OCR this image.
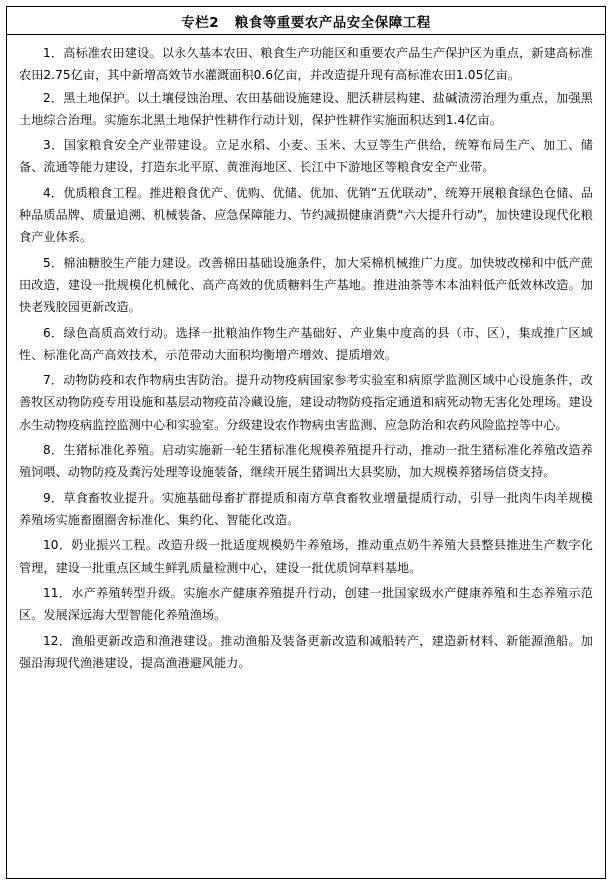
专栏2   粮食等重要农产品安全保障工程

1．高标准农田建设。以永久基本农田、粮食生产功能区和重要农产品生产保护区为重点，新建高标准农田2.75亿亩，其中新增高效节水灌溉面积0.6亿亩，并改造提升现有高标准农田1.05亿亩。

2．黑土地保护。以土壤侵蚀治理、农田基础设施建设、肥沃耕层构建、盐碱渍涝治理为重点，加强黑土地综合治理。实施东北黑土地保护性耕作行动计划，保护性耕作实施面积达到1.4亿亩。

3．国家粮食安全产业带建设。立足水稻、小麦、玉米、大豆等生产供给，统筹布局生产、加工、储备、流通等能力建设，打造东北平原、黄淮海地区、长江中下游地区等粮食安全产业带。

4．优质粮食工程。推进粮食优产、优购、优储、优加、优销“五优联动”，统筹开展粮食绿色仓储、品种品质品牌、质量追溯、机械装备、应急保障能力、节约减损健康消费“六大提升行动”，加快建设现代化粮食产业体系。

5．棉油糖胶生产能力建设。改善棉田基础设施条件，加大采棉机械推广力度。加快坡改梯和中低产蔗田改造，建设一批规模化机械化、高产高效的优质糖料生产基地。推进油茶等木本油料低产低效林改造。加快老残胶园更新改造。

6．绿色高质高效行动。选择一批粮油作物生产基础好、产业集中度高的县（市、区），集成推广区域性、标准化高产高效技术，示范带动大面积均衡增产增效、提质增效。

7．动物防疫和农作物病虫害防治。提升动物疫病国家参考实验室和病原学监测区域中心设施条件，改善牧区动物防疫专用设施和基层动物疫苗冷藏设施，建设动物防疫指定通道和病死动物无害化处理场。建设水生动物疫病监控监测中心和实验室。分级建设农作物病虫害监测、应急防治和农药风险监控等中心。

8．生猪标准化养殖。启动实施新一轮生猪标准化规模养殖提升行动，推动一批生猪标准化养殖改造养殖饲喂、动物防疫及粪污处理等设施装备，继续开展生猪调出大县奖励，加大规模养猪场信贷支持。

9．草食畜牧业提升。实施基础母畜扩群提质和南方草食畜牧业增量提质行动，引导一批肉牛肉羊规模养殖场实施畜圈圈舍标准化、集约化、智能化改造。

10．奶业振兴工程。改造升级一批适度规模奶牛养殖场，推动重点奶牛养殖大县整县推进生产数字化管理，建设一批重点区域生鲜乳质量检测中心，建设一批优质饲草料基地。

11．水产养殖转型升级。实施水产健康养殖提升行动，创建一批国家级水产健康养殖和生态养殖示范区。发展深远海大型智能化养殖渔场。

12．渔船更新改造和渔港建设。推动渔船及装备更新改造和减船转产，建造新材料、新能源渔船。加强沿海现代渔港建设，提高渔港避风能力。
